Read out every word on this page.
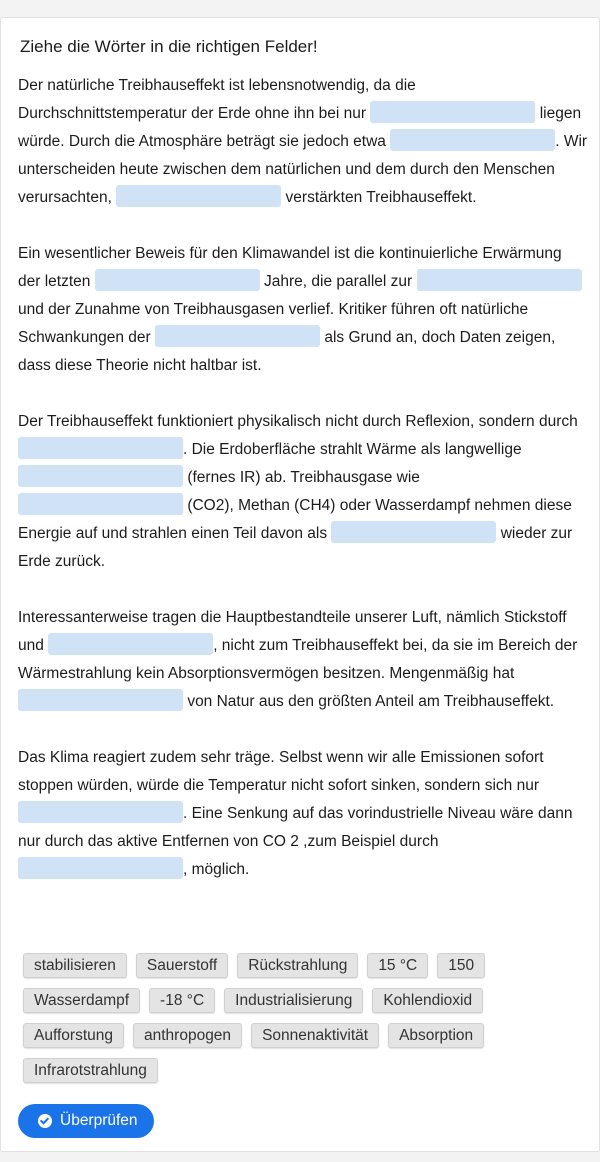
Ziehe die Wörter in die richtigen Felder!

Der natürliche Treibhauseffekt ist lebensnotwendig, da die Durchschnittstemperatur der Erde ohne ihn bei nur	liegen würde. Durch die Atmosphäre beträgt sie jedoch etwa	. Wir unterscheiden heute zwischen dem natürlichen und dem durch den Menschen verursachten,	verstärkten Treibhauseffekt.

Ein wesentlicher Beweis für den Klimawandel ist die kontinuierliche Erwärmung der letzten	Jahre, die parallel zur  und der Zunahme von Treibhausgasen verlief. Kritiker führen oft natürliche Schwankungen der	als Grund an, doch Daten zeigen, dass diese Theorie nicht haltbar ist.

Der Treibhauseffekt funktioniert physikalisch nicht durch Reflexion, sondern durch . Die Erdoberfläche strahlt Wärme als langwellige  (fernes IR) ab. Treibhausgase wie  (CO2), Methan (CH4) oder Wasserdampf nehmen diese Energie auf und strahlen einen Teil davon als	wieder zur Erde zurück.

Interessanterweise tragen die Hauptbestandteile unserer Luft, nämlich Stickstoff und	, nicht zum Treibhauseffekt bei, da sie im Bereich der Wärmestrahlung kein Absorptionsvermögen besitzen. Mengenmäßig hat  von Natur aus den größten Anteil am Treibhauseffekt.

Das Klima reagiert zudem sehr träge. Selbst wenn wir alle Emissionen sofort stoppen würden, würde die Temperatur nicht sofort sinken, sondern sich nur . Eine Senkung auf das vorindustrielle Niveau wäre dann nur durch das aktive Entfernen von CO 2 ,zum Beispiel durch , möglich.

stabilisieren	Sauerstoff	Rückstrahlung	15 °C	150
Wasserdampf	-18 °C	Industrialisierung	Kohlendioxid
Aufforstung	anthropogen	Sonnenaktivität	Absorption
Infrarotstrahlung
Überprüfen
